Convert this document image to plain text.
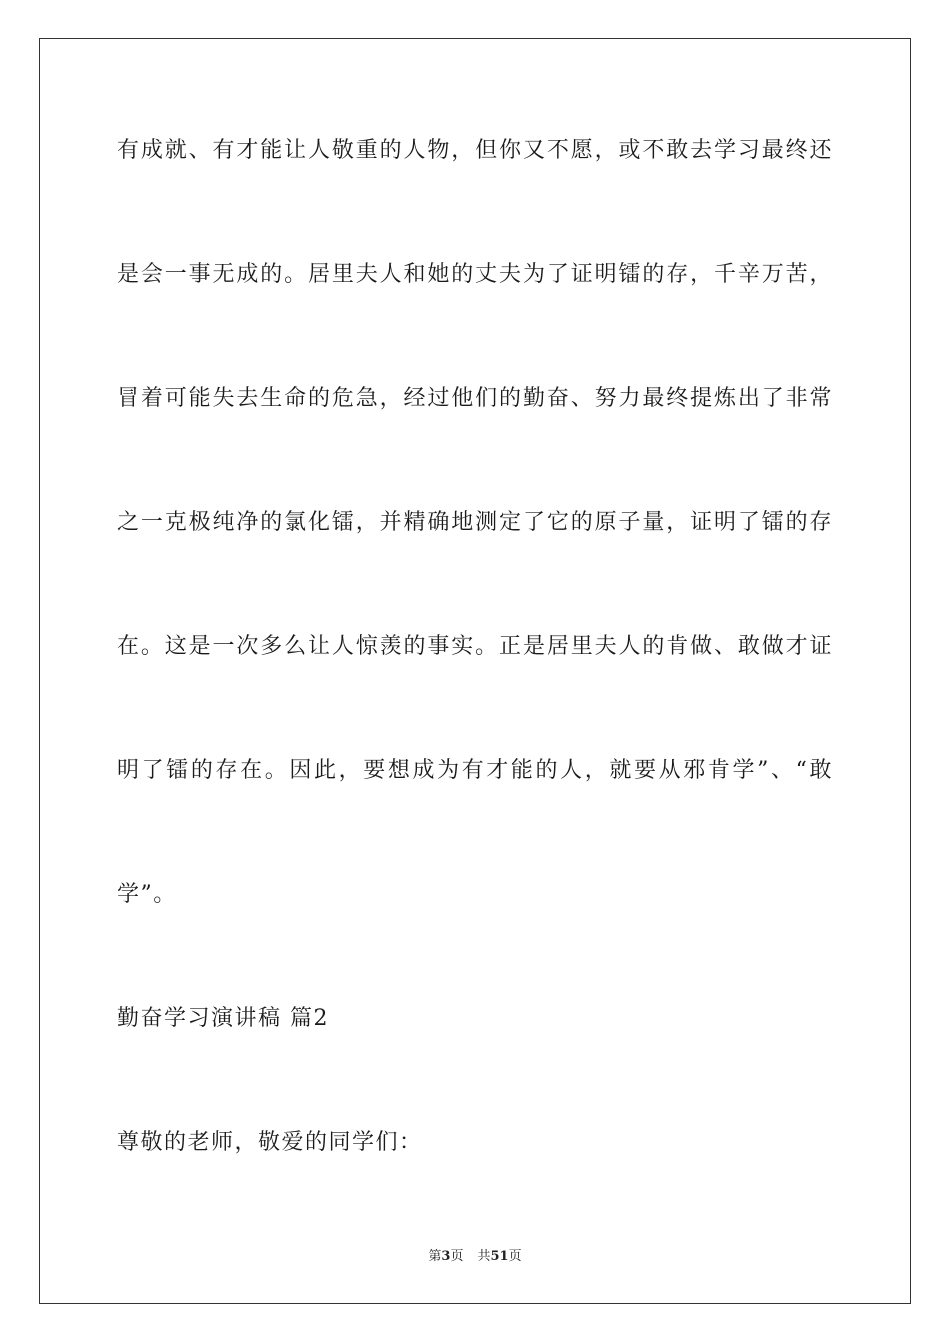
有成就、有才能让人敬重的人物，但你又不愿，或不敢去学习最终还
是会一事无成的。居里夫人和她的丈夫为了证明镭的存，千辛万苦，
冒着可能失去生命的危急，经过他们的勤奋、努力最终提炼出了非常
之一克极纯净的氯化镭，并精确地测定了它的原子量，证明了镭的存
在。这是一次多么让人惊羡的事实。正是居里夫人的肯做、敢做才证
明了镭的存在。因此，要想成为有才能的人，就要从邪肯学”、“敢
学”。
勤奋学习演讲稿 篇2
尊敬的老师，敬爱的同学们：
第3页 共51页
